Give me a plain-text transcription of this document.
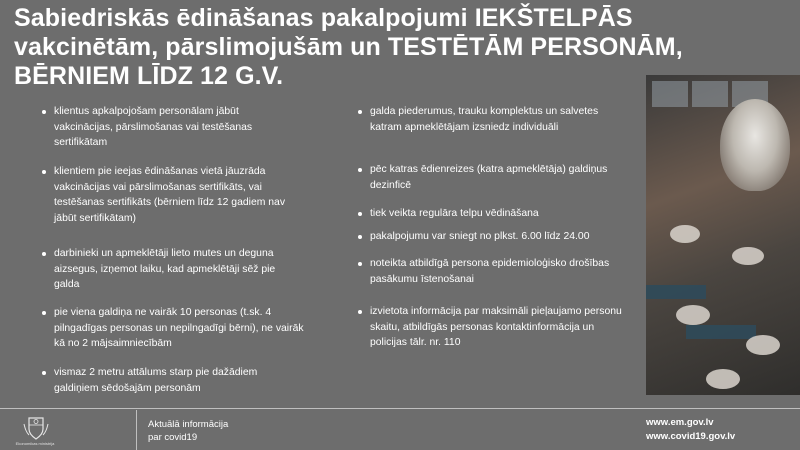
Sabiedriskās ēdināšanas pakalpojumi IEKŠTELPĀS
vakcinētām, pārslimojušām un TESTĒTĀM PERSONĀM,
BĒRNIEM LĪDZ 12 G.V.
klientus apkalpojošam personālam jābūt vakcinācijas, pārslimošanas vai testēšanas sertifikātam
klientiem pie ieejas ēdināšanas vietā jāuzrāda vakcinācijas vai pārslimošanas sertifikāts, vai testēšanas sertifikāts (bērniem līdz 12 gadiem nav jābūt sertifikātam)
darbinieki un apmeklētāji lieto mutes un deguna aizsegus, izņemot laiku, kad apmeklētāji sēž pie galda
pie viena galdiņa ne vairāk 10 personas (t.sk. 4 pilngadīgas personas un nepilngadīgi bērni), ne vairāk kā no 2 mājsaimniecībām
vismaz 2 metru attālums starp pie dažādiem galdiņiem sēdošajām personām
galda piederumus, trauku komplektus un salvetes katram apmeklētājam izsniedz individuāli
pēc katras ēdienreizes (katra apmeklētāja) galdiņus dezinficē
tiek veikta regulāra telpu vēdināšana
pakalpojumu var sniegt no plkst. 6.00 līdz 24.00
noteikta atbildīgā persona epidemioloģisko drošības pasākumu īstenošanai
izvietota informācija par maksimāli pieļaujamo personu skaitu, atbildīgās personas kontaktinformācija un policijas tālr. nr. 110
Ekonomikas ministrija
Aktuālā informācija
par covid19
www.em.gov.lv
www.covid19.gov.lv
